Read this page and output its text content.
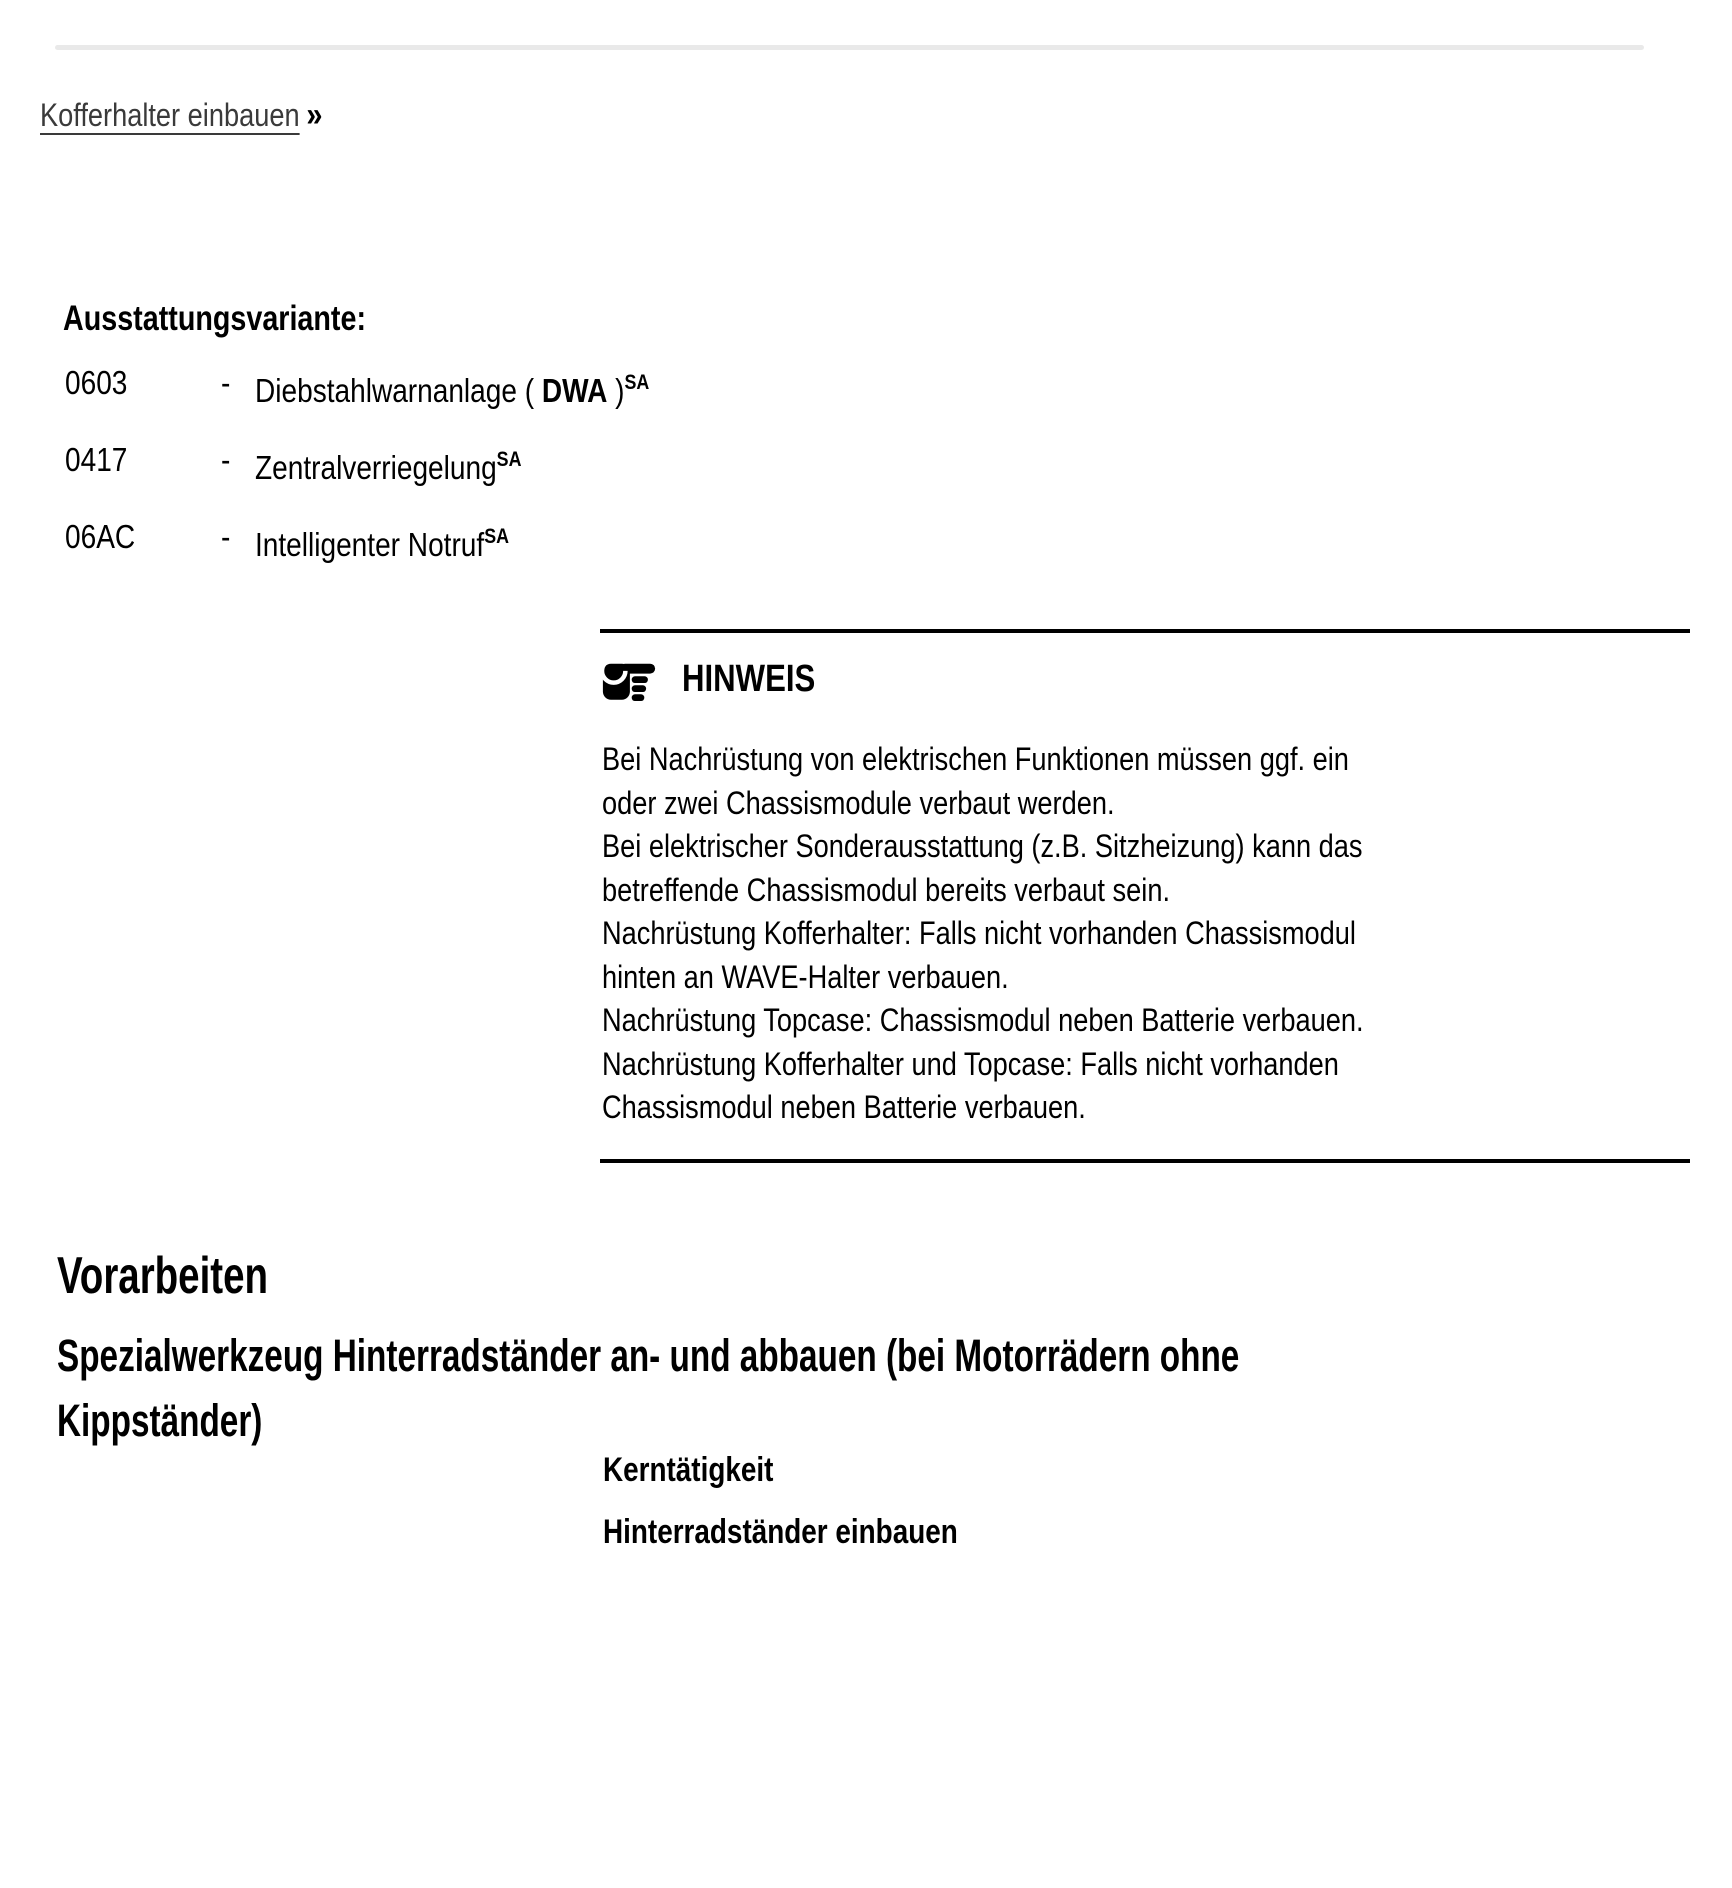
Kofferhalter einbauen »
Ausstattungsvariante:
0603	- Diebstahlwarnanlage ( DWA )$^{SA}$
0417	- Zentralverriegelung$^{SA}$
06AC	- Intelligenter Notruf$^{SA}$
HINWEIS
Bei Nachrüstung von elektrischen Funktionen müssen ggf. ein
oder zwei Chassismodule verbaut werden.
Bei elektrischer Sonderausstattung (z.B. Sitzheizung) kann das
betreffende Chassismodul bereits verbaut sein.
Nachrüstung Kofferhalter: Falls nicht vorhanden Chassismodul
hinten an WAVE-Halter verbauen.
Nachrüstung Topcase: Chassismodul neben Batterie verbauen.
Nachrüstung Kofferhalter und Topcase: Falls nicht vorhanden
Chassismodul neben Batterie verbauen.
Vorarbeiten
Spezialwerkzeug Hinterradständer an- und abbauen (bei Motorrädern ohne
Kippständer)
Kerntätigkeit
Hinterradständer einbauen
